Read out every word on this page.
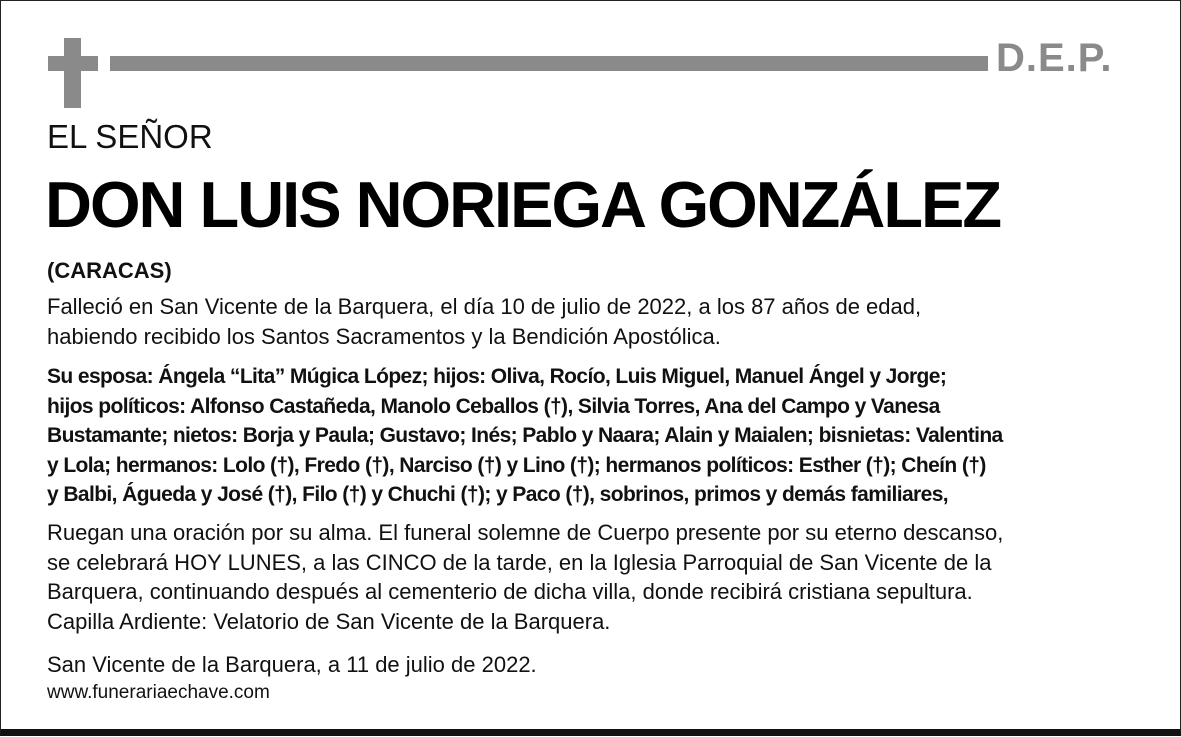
D.E.P.
EL SEÑOR
DON LUIS NORIEGA GONZÁLEZ
(CARACAS)
Falleció en San Vicente de la Barquera, el día 10 de julio de 2022, a los 87 años de edad,
habiendo recibido los Santos Sacramentos y la Bendición Apostólica.
Su esposa: Ángela “Lita” Múgica López; hijos: Oliva, Rocío, Luis Miguel, Manuel Ángel y Jorge;
hijos políticos: Alfonso Castañeda, Manolo Ceballos (†), Silvia Torres, Ana del Campo y Vanesa
Bustamante; nietos: Borja y Paula; Gustavo; Inés; Pablo y Naara; Alain y Maialen; bisnietas: Valentina
y Lola; hermanos: Lolo (†), Fredo (†), Narciso (†) y Lino (†); hermanos políticos: Esther (†); Cheín (†)
y Balbi, Águeda y José (†), Filo (†) y Chuchi (†); y Paco (†), sobrinos, primos y demás familiares,
Ruegan una oración por su alma. El funeral solemne de Cuerpo presente por su eterno descanso,
se celebrará HOY LUNES, a las CINCO de la tarde, en la Iglesia Parroquial de San Vicente de la
Barquera, continuando después al cementerio de dicha villa, donde recibirá cristiana sepultura.
Capilla Ardiente: Velatorio de San Vicente de la Barquera.
San Vicente de la Barquera, a 11 de julio de 2022.
www.funerariaechave.com
